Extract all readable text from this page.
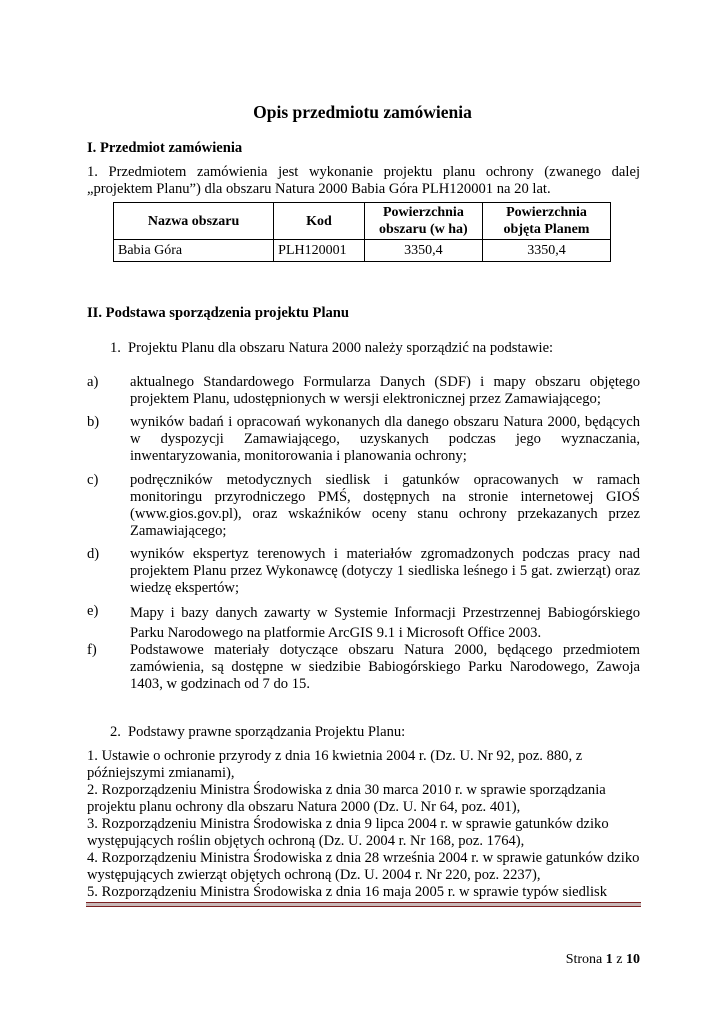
Opis przedmiotu zamówienia
I. Przedmiot zamówienia
1. Przedmiotem zamówienia jest wykonanie projektu planu ochrony (zwanego dalej „projektem Planu”) dla obszaru Natura 2000 Babia Góra PLH120001 na 20 lat.
Nazwa obszaru	Kod	Powierzchnia obszaru (w ha)	Powierzchnia objęta Planem
Babia Góra	PLH120001	3350,4	3350,4
II. Podstawa sporządzenia projektu Planu
1. Projektu Planu dla obszaru Natura 2000 należy sporządzić na podstawie:
a) aktualnego Standardowego Formularza Danych (SDF) i mapy obszaru objętego projektem Planu, udostępnionych w wersji elektronicznej przez Zamawiającego;
b) wyników badań i opracowań wykonanych dla danego obszaru Natura 2000, będących w dyspozycji Zamawiającego, uzyskanych podczas jego wyznaczania, inwentaryzowania, monitorowania i planowania ochrony;
c) podręczników metodycznych siedlisk i gatunków opracowanych w ramach monitoringu przyrodniczego PMŚ, dostępnych na stronie internetowej GIOŚ (www.gios.gov.pl), oraz wskaźników oceny stanu ochrony przekazanych przez Zamawiającego;
d) wyników ekspertyz terenowych i materiałów zgromadzonych podczas pracy nad projektem Planu przez Wykonawcę (dotyczy 1 siedliska leśnego i 5 gat. zwierząt) oraz wiedzę ekspertów;
e) Mapy i bazy danych zawarty w Systemie Informacji Przestrzennej Babiogórskiego Parku Narodowego na platformie ArcGIS 9.1 i Microsoft Office 2003.
f) Podstawowe materiały dotyczące obszaru Natura 2000, będącego przedmiotem zamówienia, są dostępne w siedzibie Babiogórskiego Parku Narodowego, Zawoja 1403, w godzinach od 7 do 15.
2. Podstawy prawne sporządzania Projektu Planu:
1. Ustawie o ochronie przyrody z dnia 16 kwietnia 2004 r. (Dz. U. Nr 92, poz. 880, z późniejszymi zmianami),
2. Rozporządzeniu Ministra Środowiska z dnia 30 marca 2010 r. w sprawie sporządzania projektu planu ochrony dla obszaru Natura 2000 (Dz. U. Nr 64, poz. 401),
3. Rozporządzeniu Ministra Środowiska z dnia 9 lipca 2004 r. w sprawie gatunków dziko występujących roślin objętych ochroną (Dz. U. 2004 r. Nr 168, poz. 1764),
4. Rozporządzeniu Ministra Środowiska z dnia 28 września 2004 r. w sprawie gatunków dziko występujących zwierząt objętych ochroną (Dz. U. 2004 r. Nr 220, poz. 2237),
5. Rozporządzeniu Ministra Środowiska z dnia 16 maja 2005 r. w sprawie typów siedlisk
Strona 1 z 10
